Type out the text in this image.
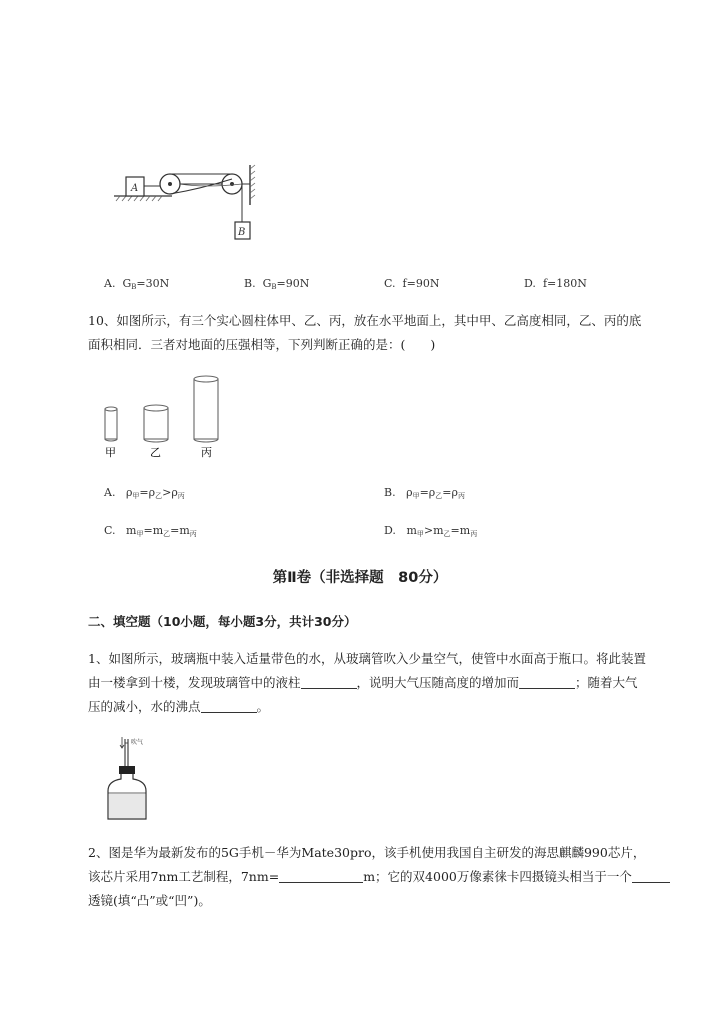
A
B
A. $G_B=30N$	B. $G_B=90N$	C. f=90N	D. f=180N
10、如图所示，有三个实心圆柱体甲、乙、丙，放在水平地面上，其中甲、乙高度相同，乙、丙的底
面积相同．三者对地面的压强相等，下列判断正确的是：(　　)
甲	乙	丙
A. $\rho_甲=\rho_乙>\rho_丙$	B. $\rho_甲=\rho_乙=\rho_丙$
C. $m_甲=m_乙=m_丙$	D. $m_甲>m_乙=m_丙$
第Ⅱ卷（非选择题　80分）
二、填空题（10小题，每小题3分，共计30分）
1、如图所示，玻璃瓶中装入适量带色的水，从玻璃管吹入少量空气，使管中水面高于瓶口。将此装置
由一楼拿到十楼，发现玻璃管中的液柱	，说明大气压随高度的增加而	；随着大气
压的减小，水的沸点	。
吹气
2、图是华为最新发布的5G手机－华为Mate30pro，该手机使用我国自主研发的海思麒麟990芯片，
该芯片采用7nm工艺制程，7nm=	m；它的双4000万像素徕卡四摄镜头相当于一个
透镜(填“凸”或“凹”)。
